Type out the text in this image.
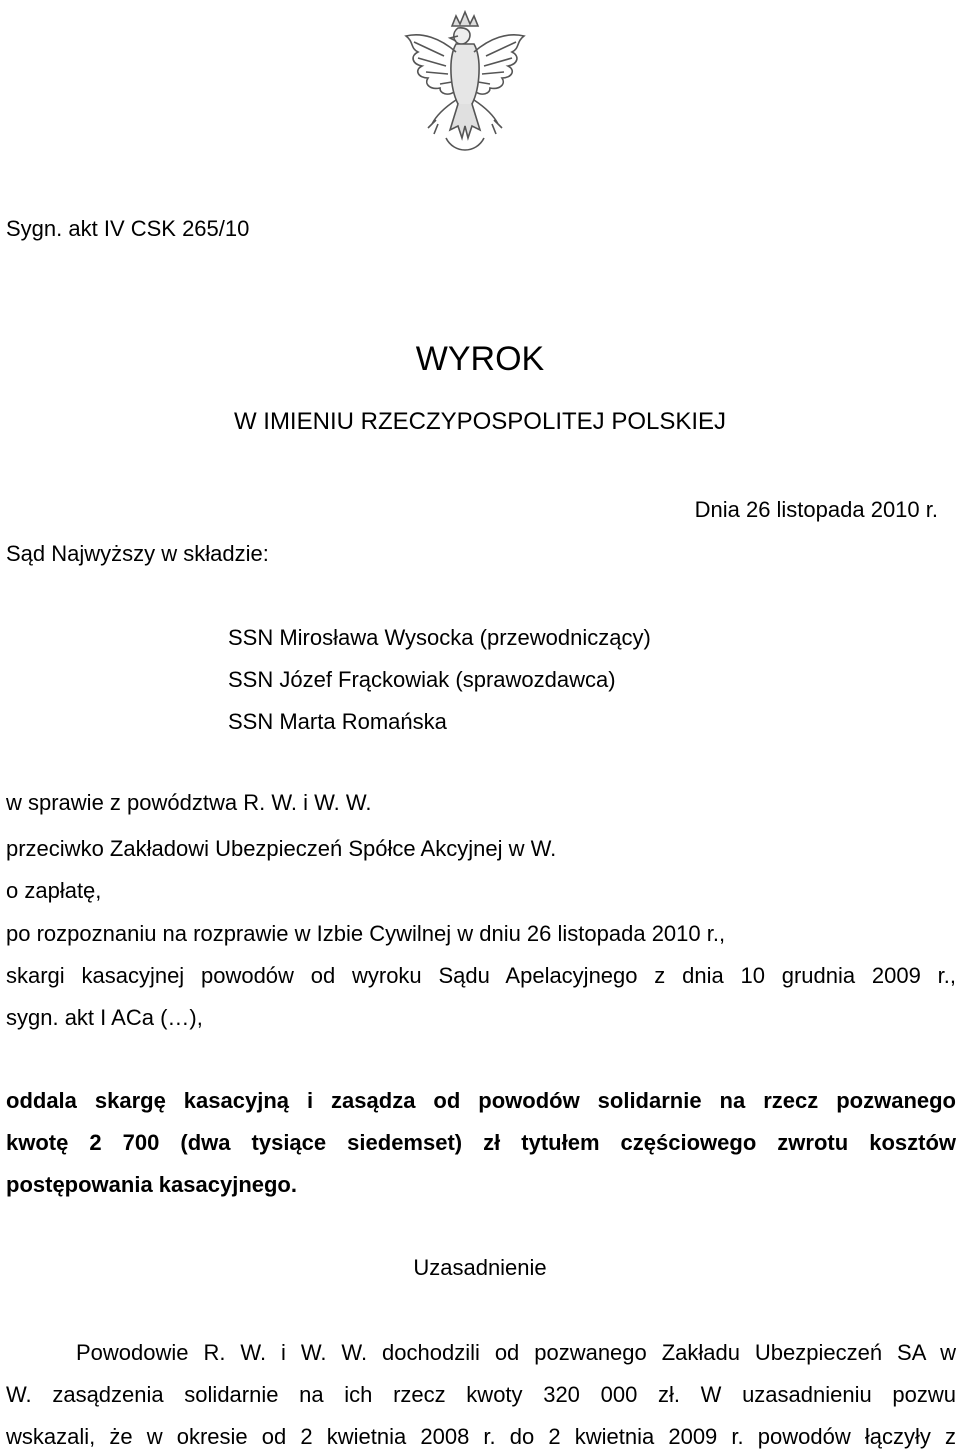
Sygn. akt IV CSK 265/10
WYROK
W IMIENIU RZECZYPOSPOLITEJ POLSKIEJ
Dnia 26 listopada 2010 r.
Sąd Najwyższy w składzie:
SSN Mirosława Wysocka (przewodniczący)
SSN Józef Frąckowiak (sprawozdawca)
SSN Marta Romańska
w sprawie z powództwa R. W. i W. W.
przeciwko Zakładowi Ubezpieczeń Spółce Akcyjnej w W.
o zapłatę,
po rozpoznaniu na rozprawie w Izbie Cywilnej w dniu 26 listopada 2010 r.,
skargi kasacyjnej powodów od wyroku Sądu Apelacyjnego z dnia 10 grudnia 2009 r.,
sygn. akt I ACa (…),
oddala skargę kasacyjną i zasądza od powodów solidarnie na rzecz pozwanego
kwotę 2 700 (dwa tysiące siedemset) zł tytułem częściowego zwrotu kosztów
postępowania kasacyjnego.
Uzasadnienie
Powodowie R. W. i W. W. dochodzili od pozwanego Zakładu Ubezpieczeń SA w
W. zasądzenia solidarnie na ich rzecz kwoty 320 000 zł. W uzasadnieniu pozwu
wskazali, że w okresie od 2 kwietnia 2008 r. do 2 kwietnia 2009 r. powodów łączyły z
